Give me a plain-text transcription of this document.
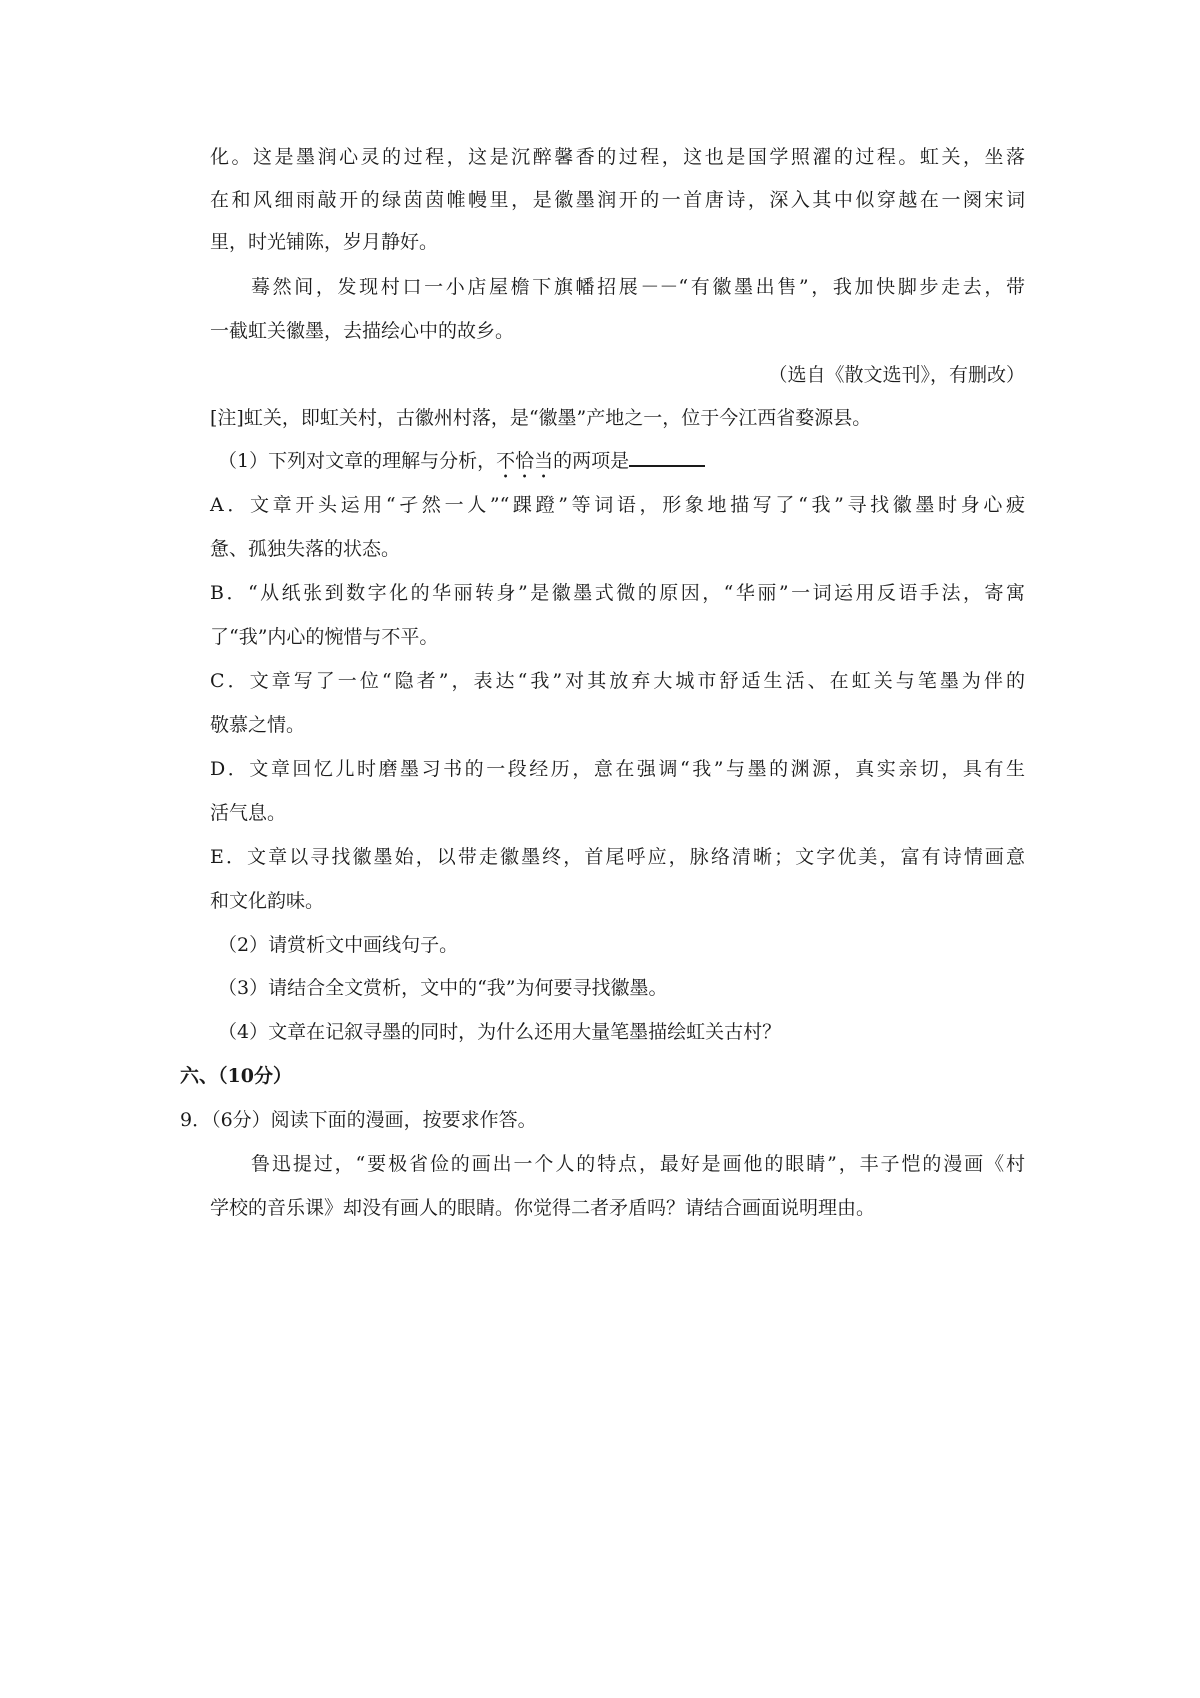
化。这是墨润心灵的过程，这是沉醉馨香的过程，这也是国学照濯的过程。虹关，坐落
在和风细雨敲开的绿茵茵帷幔里，是徽墨润开的一首唐诗，深入其中似穿越在一阕宋词
里，时光铺陈，岁月静好。
蓦然间，发现村口一小店屋檐下旗幡招展－－“有徽墨出售”，我加快脚步走去，带
一截虹关徽墨，去描绘心中的故乡。
（选自《散文选刊》，有删改）
[注]虹关，即虹关村，古徽州村落，是“徽墨”产地之一，位于今江西省婺源县。
（1）下列对文章的理解与分析，不恰当的两项是
A．文章开头运用“孑然一人”“踝蹬”等词语，形象地描写了“我”寻找徽墨时身心疲
惫、孤独失落的状态。
B．“从纸张到数字化的华丽转身”是徽墨式微的原因，“华丽”一词运用反语手法，寄寓
了“我”内心的惋惜与不平。
C．文章写了一位“隐者”，表达“我”对其放弃大城市舒适生活、在虹关与笔墨为伴的
敬慕之情。
D．文章回忆儿时磨墨习书的一段经历，意在强调“我”与墨的渊源，真实亲切，具有生
活气息。
E．文章以寻找徽墨始，以带走徽墨终，首尾呼应，脉络清晰；文字优美，富有诗情画意
和文化韵味。
（2）请赏析文中画线句子。
（3）请结合全文赏析，文中的“我”为何要寻找徽墨。
（4）文章在记叙寻墨的同时，为什么还用大量笔墨描绘虹关古村？
六、（10分）
9．（6分）阅读下面的漫画，按要求作答。
鲁迅提过，“要极省俭的画出一个人的特点，最好是画他的眼睛”，丰子恺的漫画《村
学校的音乐课》却没有画人的眼睛。你觉得二者矛盾吗？请结合画面说明理由。
